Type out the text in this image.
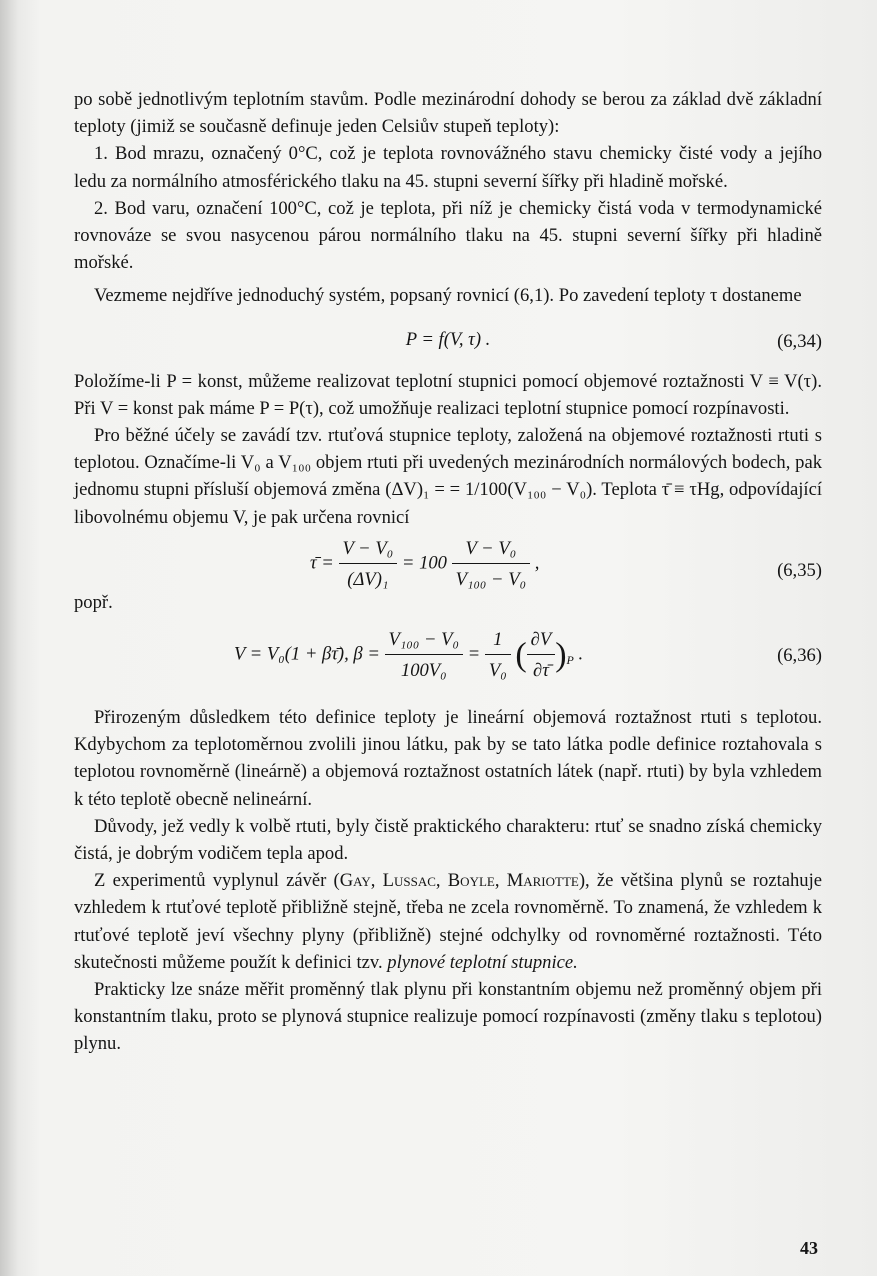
po sobě jednotlivým teplotním stavům. Podle mezinárodní dohody se berou za základ dvě základní teploty (jimiž se současně definuje jeden Celsiův stupeň teploty):

1. Bod mrazu, označený 0°C, což je teplota rovnovážného stavu chemicky čisté vody a jejího ledu za normálního atmosférického tlaku na 45. stupni severní šířky při hladině mořské.

2. Bod varu, označení 100°C, což je teplota, při níž je chemicky čistá voda v termodynamické rovnováze se svou nasycenou párou normálního tlaku na 45. stupni severní šířky při hladině mořské.

Vezmeme nejdříve jednoduchý systém, popsaný rovnicí (6,1). Po zavedení teploty τ dostaneme

P = f(V, τ) .	(6,34)

Položíme-li P = konst, můžeme realizovat teplotní stupnici pomocí objemové roztažnosti V ≡ V(τ). Při V = konst pak máme P = P(τ), což umožňuje realizaci teplotní stupnice pomocí rozpínavosti.

Pro běžné účely se zavádí tzv. rtuťová stupnice teploty, založená na objemové roztažnosti rtuti s teplotou. Označíme-li V₀ a V₁₀₀ objem rtuti při uvedených mezinárodních normálových bodech, pak jednomu stupni přísluší objemová změna (ΔV)₁ = = 1/100(V₁₀₀ − V₀). Teplota τ̄ ≡ τHg, odpovídající libovolnému objemu V, je pak určena rovnicí

τ̄ = $\frac{\text{V − V₀}}{\text{(ΔV)₁}} = 100 \frac{\text{V − V₀}}{\text{V₁₀₀ − V₀}}$ ,	(6,35)

popř.

V = V₀(1 + βτ̄), $\beta = \frac{\text{V₁₀₀ − V₀}}{\text{100V₀}} = \frac{1}{\text{V₀}}$ ( $\frac{\partial V}{\partial\taū} )_P$ .	(6,36)

Přirozeným důsledkem této definice teploty je lineární objemová roztažnost rtuti s teplotou. Kdybychom za teplotoměrnou zvolili jinou látku, pak by se tato látka podle definice roztahovala s teplotou rovnoměrně (lineárně) a objemová roztažnost ostatních látek (např. rtuti) by byla vzhledem k této teplotě obecně nelineární.

Důvody, jež vedly k volbě rtuti, byly čistě praktického charakteru: rtuť se snadno získá chemicky čistá, je dobrým vodičem tepla apod.

Z experimentů vyplynul závěr (Gay, Lussac, Boyle, Mariotte), že většina plynů se roztahuje vzhledem k rtuťové teplotě přibližně stejně, třeba ne zcela rovnoměrně. To znamená, že vzhledem k rtuťové teplotě jeví všechny plyny (přibližně) stejné odchylky od rovnoměrné roztažnosti. Této skutečnosti můžeme použít k definici tzv. plynové teplotní stupnice.

Prakticky lze snáze měřit proměnný tlak plynu při konstantním objemu než proměnný objem při konstantním tlaku, proto se plynová stupnice realizuje pomocí rozpínavosti (změny tlaku s teplotou) plynu.

43
